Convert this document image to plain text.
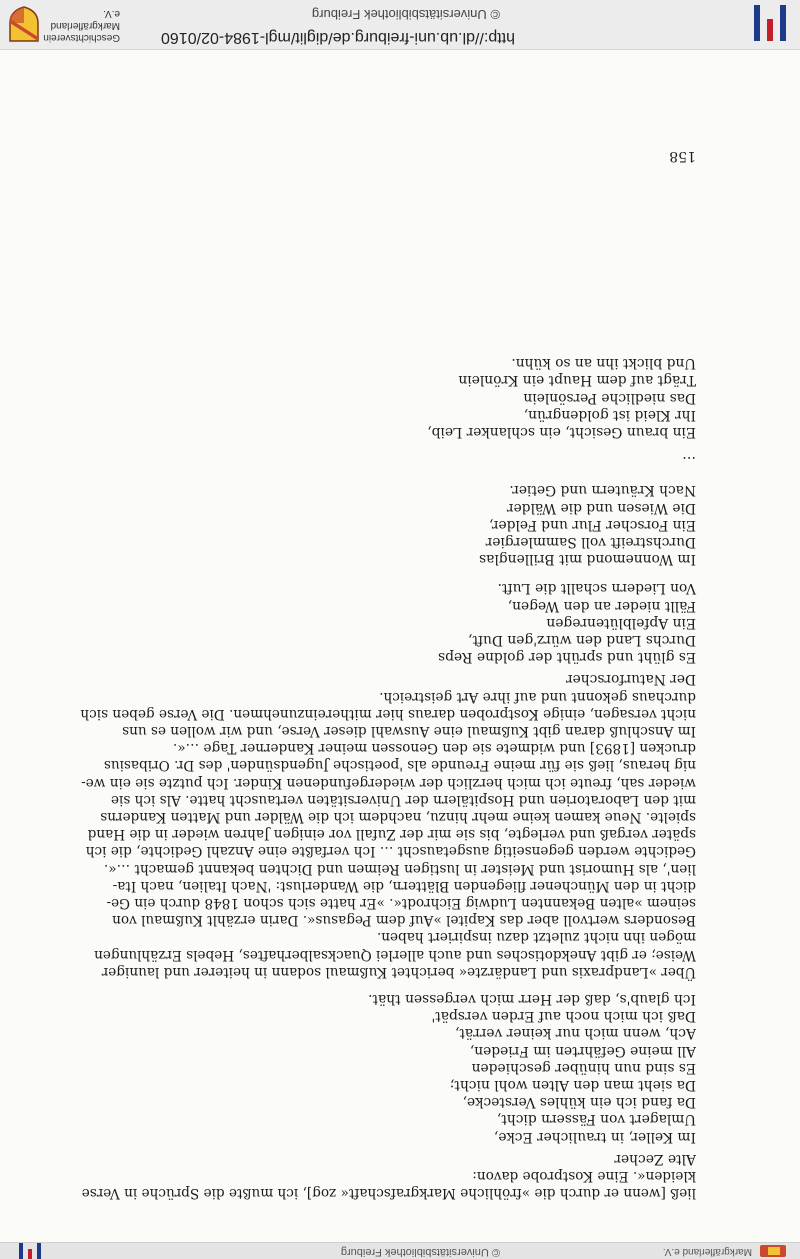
Markgräflerland e.V.
© Universitätsbibliothek Freiburg
ließ [wenn er durch die »fröhliche Markgrafschaft« zog], ich mußte die Sprüche in Verse
kleiden«. Eine Kostprobe davon:

Alte Zecher

Im Keller, in traulicher Ecke,
Umlagert von Fässern dicht,
Da fand ich ein kühles Verstecke,
Da sieht man den Alten wohl nicht;
Es sind nun hinüber geschieden
All meine Gefährten im Frieden,
Ach, wenn mich nur keiner verrät,
Daß ich mich noch auf Erden verspät'
Ich glaub's, daß der Herr mich vergessen thät.
Über »Landpraxis und Landärzte« berichtet Kußmaul sodann in heiterer und launiger
Weise; er gibt Anekdotisches und auch allerlei Quacksalberhaftes, Hebels Erzählungen
mögen ihn nicht zuletzt dazu inspiriert haben.
Besonders wertvoll aber das Kapitel »Auf dem Pegasus«. Darin erzählt Kußmaul von
seinem »alten Bekannten Ludwig Eichrodt«. »Er hatte sich schon 1848 durch ein Ge-
dicht in den Münchener fliegenden Blättern, die Wanderlust: 'Nach Italien, nach Ita-
lien', als Humorist und Meister in lustigen Reimen und Dichten bekannt gemacht …«.
Gedichte werden gegenseitig ausgetauscht … Ich verfaßte eine Anzahl Gedichte, die ich
später vergaß und verlegte, bis sie mir der Zufall vor einigen Jahren wieder in die Hand
spielte. Neue kamen keine mehr hinzu, nachdem ich die Wälder und Matten Kanderns
mit den Laboratorien und Hospitälern der Universitäten vertauscht hatte. Als ich sie
wieder sah, freute ich mich herzlich der wiedergefundenen Kinder. Ich putzte sie ein we-
nig heraus, ließ sie für meine Freunde als 'poetische Jugendsünden' des Dr. Oribasius
drucken [1893] und widmete sie den Genossen meiner Kanderner Tage …«.
Im Anschluß daran gibt Kußmaul eine Auswahl dieser Verse, und wir wollen es uns
nicht versagen, einige Kostproben daraus hier mithereinzunehmen. Die Verse geben sich
durchaus gekonnt und auf ihre Art geistreich.

Der Naturforscher

Es glüht und sprüht der goldne Reps
Durchs Land den würz'gen Duft,
Ein Apfelblütenregen
Fällt nieder an den Wegen,
Von Liedern schallt die Luft.
Im Wonnemond mit Brillenglas
Durchstreift voll Sammlergier
Ein Forscher Flur und Felder,
Die Wiesen und die Wälder
Nach Kräutern und Getier.
…
Ein braun Gesicht, ein schlanker Leib,
Ihr Kleid ist goldengrün,
Das niedliche Persönlein
Trägt auf dem Haupt ein Krönlein
Und blickt ihn an so kühn.
158
http://dl.ub.uni-freiburg.de/diglit/mgl-1984-02/0160
© Universitätsbibliothek Freiburg
Geschichtsverein
Markgräflerland e.V.
